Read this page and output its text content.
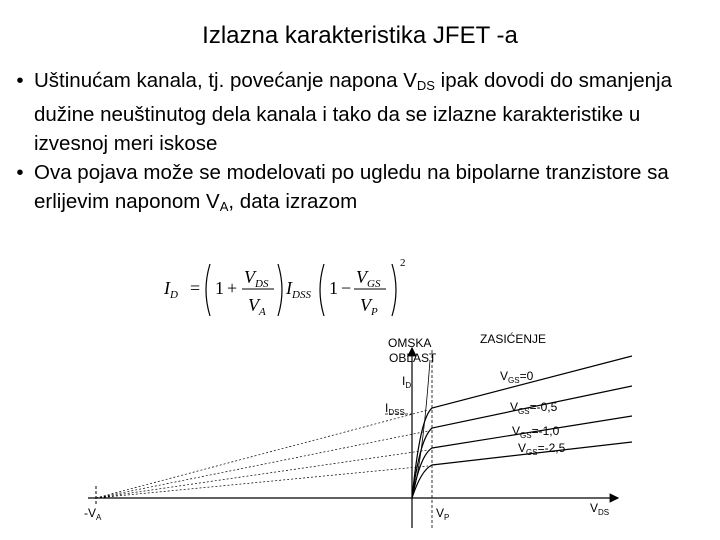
Izlazna karakteristika JFET -a
• Uštinućam kanala, tj. povećanje napona $V_{DS}$ ipak dovodi do smanjenja dužine neuštinutog dela kanala i tako da se izlazne karakteristike u izvesnoj meri iskose
• Ova pojava može se modelovati po ugledu na bipolarne tranzistore sa erlijevim naponom $V_A$, data izrazom
$I_D = 1$ +
$V_{DS}$
$V_A$
$I_{DSS}$ 1 −
$V_{GS}$
$V_P$
2
OMSKA
OBLAST
ZASIĆENJE
$I_D$
$I_{DSS}$
$V_{GS}=0$
$V_{GS}=-0,5$
$V_{GS}=-1,0$
$V_{GS}=-2,5$
$-V_A$	$V_P$
$V_{DS}$
